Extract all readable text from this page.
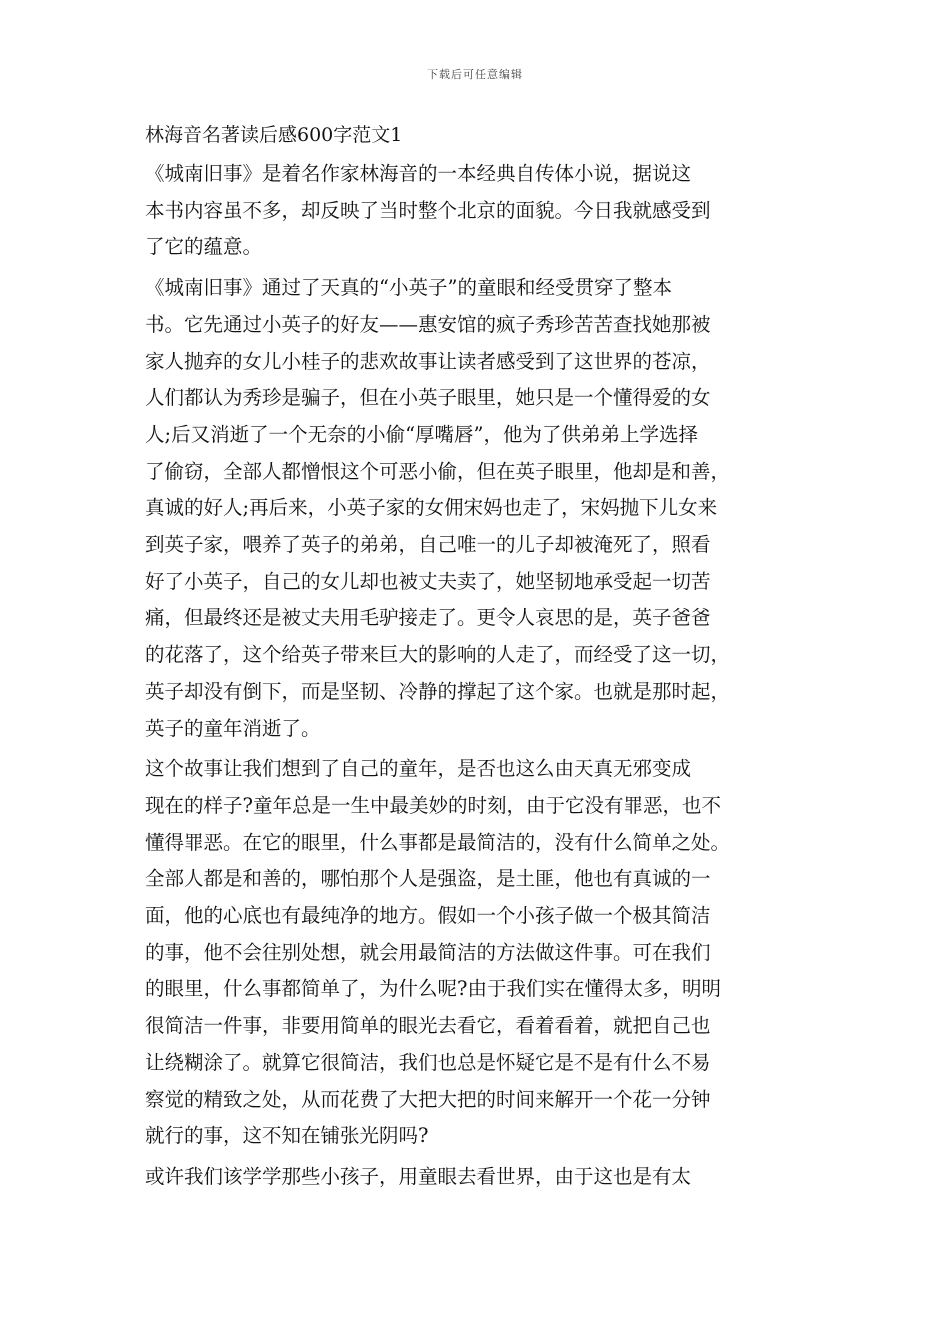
下载后可任意编辑
林海音名著读后感600字范文1
《城南旧事》是着名作家林海音的一本经典自传体小说，据说这
本书内容虽不多，却反映了当时整个北京的面貌。今日我就感受到
了它的蕴意。
《城南旧事》通过了天真的“小英子”的童眼和经受贯穿了整本
书。它先通过小英子的好友——惠安馆的疯子秀珍苦苦查找她那被
家人抛弃的女儿小桂子的悲欢故事让读者感受到了这世界的苍凉，
人们都认为秀珍是骗子，但在小英子眼里，她只是一个懂得爱的女
人;后又消逝了一个无奈的小偷“厚嘴唇”，他为了供弟弟上学选择
了偷窃，全部人都憎恨这个可恶小偷，但在英子眼里，他却是和善，
真诚的好人;再后来，小英子家的女佣宋妈也走了，宋妈抛下儿女来
到英子家，喂养了英子的弟弟，自己唯一的儿子却被淹死了，照看
好了小英子，自己的女儿却也被丈夫卖了，她坚韧地承受起一切苦
痛，但最终还是被丈夫用毛驴接走了。更令人哀思的是，英子爸爸
的花落了，这个给英子带来巨大的影响的人走了，而经受了这一切，
英子却没有倒下，而是坚韧、冷静的撑起了这个家。也就是那时起，
英子的童年消逝了。
这个故事让我们想到了自己的童年，是否也这么由天真无邪变成
现在的样子?童年总是一生中最美妙的时刻，由于它没有罪恶，也不
懂得罪恶。在它的眼里，什么事都是最简洁的，没有什么简单之处。
全部人都是和善的，哪怕那个人是强盗，是土匪，他也有真诚的一
面，他的心底也有最纯净的地方。假如一个小孩子做一个极其简洁
的事，他不会往别处想，就会用最简洁的方法做这件事。可在我们
的眼里，什么事都简单了，为什么呢?由于我们实在懂得太多，明明
很简洁一件事，非要用简单的眼光去看它，看着看着，就把自己也
让绕糊涂了。就算它很简洁，我们也总是怀疑它是不是有什么不易
察觉的精致之处，从而花费了大把大把的时间来解开一个花一分钟
就行的事，这不知在铺张光阴吗?
或许我们该学学那些小孩子，用童眼去看世界，由于这也是有太
